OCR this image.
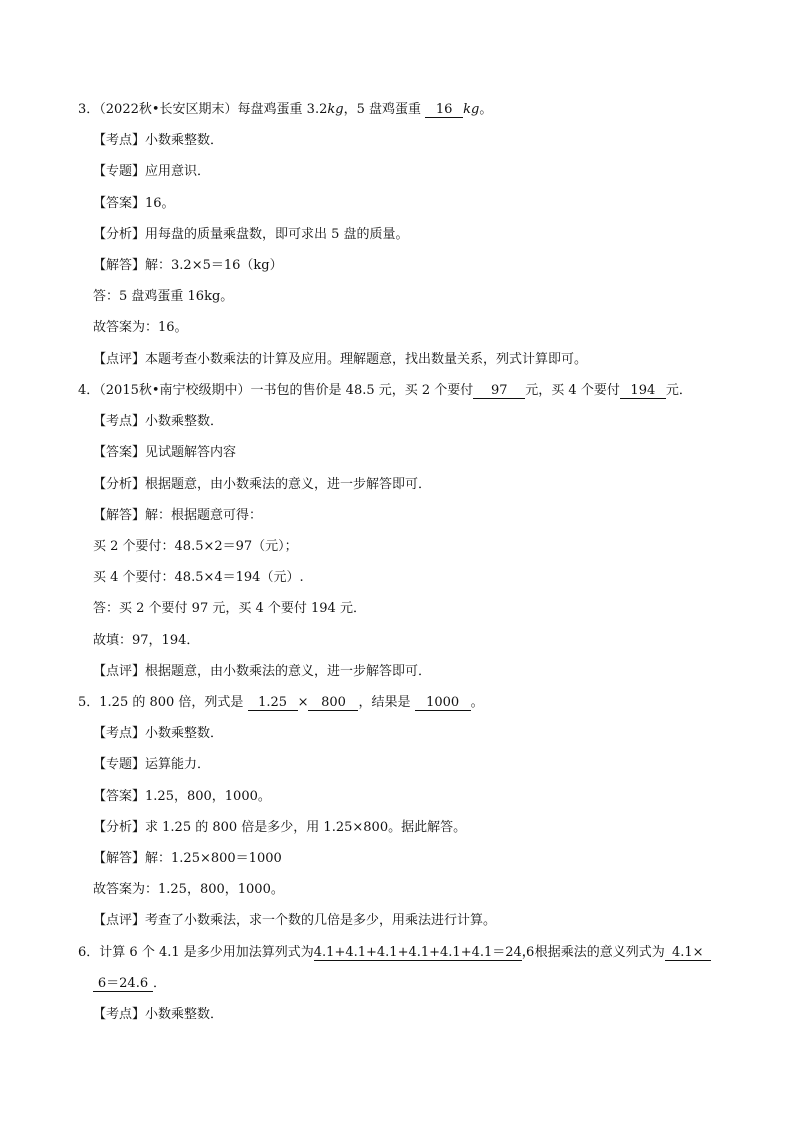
3．（2022秋•长安区期末）每盘鸡蛋重 3.2kg，5 盘鸡蛋重 16 kg。
【考点】小数乘整数．
【专题】应用意识．
【答案】16。
【分析】用每盘的质量乘盘数，即可求出 5 盘的质量。
【解答】解：3.2×5＝16（kg）
答：5 盘鸡蛋重 16kg。
故答案为：16。
【点评】本题考查小数乘法的计算及应用。理解题意，找出数量关系，列式计算即可。
4．（2015秋•南宁校级期中）一书包的售价是 48.5 元，买 2 个要付 97 元，买 4 个要付 194 元．
【考点】小数乘整数．
【答案】见试题解答内容
【分析】根据题意，由小数乘法的意义，进一步解答即可．
【解答】解：根据题意可得：
买 2 个要付：48.5×2＝97（元）；
买 4 个要付：48.5×4＝194（元）.
答：买 2 个要付 97 元，买 4 个要付 194 元．
故填：97，194．
【点评】根据题意，由小数乘法的意义，进一步解答即可．
5．1.25 的 800 倍，列式是 1.25 × 800 ，结果是 1000 。
【考点】小数乘整数．
【专题】运算能力．
【答案】1.25，800，1000。
【分析】求 1.25 的 800 倍是多少，用 1.25×800。据此解答。
【解答】解：1.25×800＝1000
故答案为：1.25，800，1000。
【点评】考查了小数乘法，求一个数的几倍是多少，用乘法进行计算。
6．计算 6 个 4.1 是多少用加法算列式为4.1+4.1+4.1+4.1+4.1+4.1＝24.6，根据乘法的意义列式为 4.1×
6＝24.6 ．
【考点】小数乘整数．
